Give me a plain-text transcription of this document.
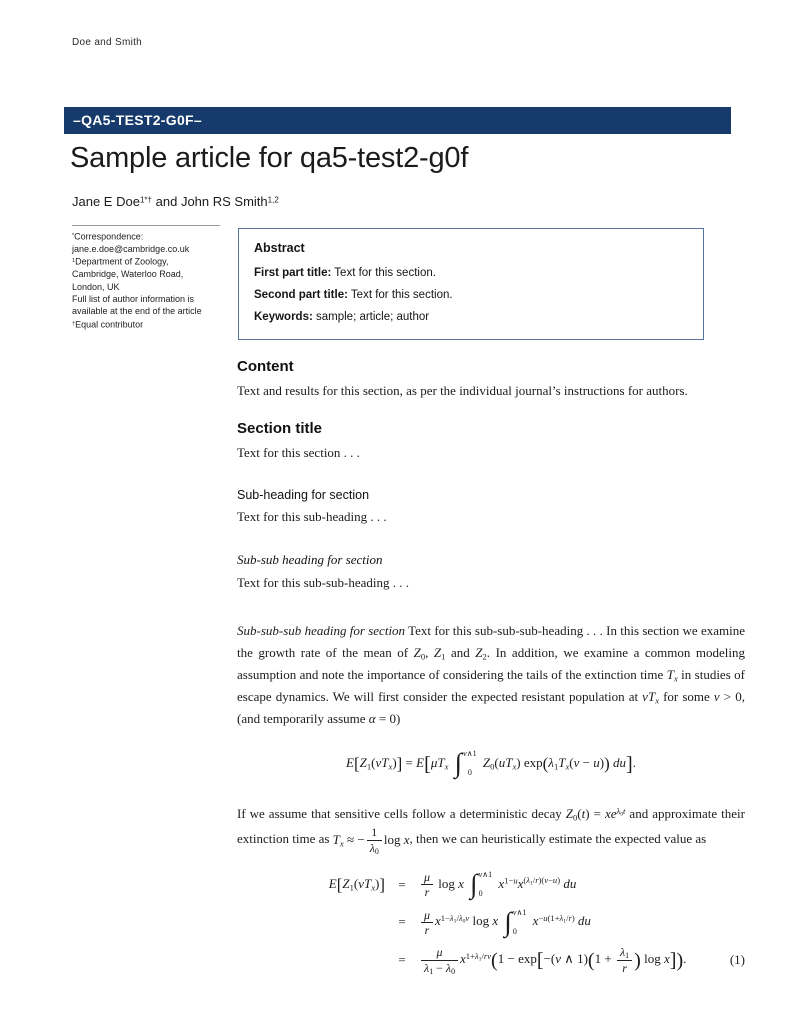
Doe and Smith
–QA5-TEST2-G0F–
Sample article for qa5-test2-g0f
Jane E Doe$^{1*\dagger}$ and John RS Smith$^{1,2}$
*Correspondence:
jane.e.doe@cambridge.co.uk
$^1$Department of Zoology,
Cambridge, Waterloo Road,
London, UK
Full list of author information is
available at the end of the article
†Equal contributor
Abstract
First part title: Text for this section.
Second part title: Text for this section.
Keywords: sample; article; author
Content

Text and results for this section, as per the individual journal’s instructions for authors.

Section title

Text for this section . . .

Sub-heading for section

Text for this sub-heading . . .

Sub-sub heading for section

Text for this sub-sub-heading . . .

Sub-sub-sub heading for section Text for this sub-sub-sub-heading . . . In this section we examine the growth rate of the mean of Z0, Z1 and Z2. In addition, we examine a common modeling assumption and note the importance of considering the tails of the extinction time Tx in studies of escape dynamics. We will first consider the expected resistant population at vTx for some v > 0, (and temporarily assume α = 0)

E[Z1(vTx)] = E[μTx ∫ v∧1
0
Z0(uTx) exp(λ1Tx(v − u)) du].

If we assume that sensitive cells follow a deterministic decay $Z0(t) = xe^{\lambda 0t}$ and approximate their extinction time as Tx ≈ − $\frac{1}{\lambda 0}$ log x, then we can heuristically estimate the expected value as

E[Z1(vTx)]	=	$\frac{\mu}{r}$ log x ∫ v∧1
0
$x^{1-u}x^{(\lambda 1/r)(v-u)}$ du
=	$\frac{\mu}{r} x^{1-\lambda 1/\lambda 0v}$ log x ∫ v∧1
0
$x^{-u(1+\lambda 1/r)}$ du
=	$\frac{\mu}{\lambda 1 - \lambda 0} x^{1+\lambda 1/rv}(1 - \exp[-(v$ ∧ $1)(1 + \frac{\lambda 1}{r}$ ) log x]).	(1)
